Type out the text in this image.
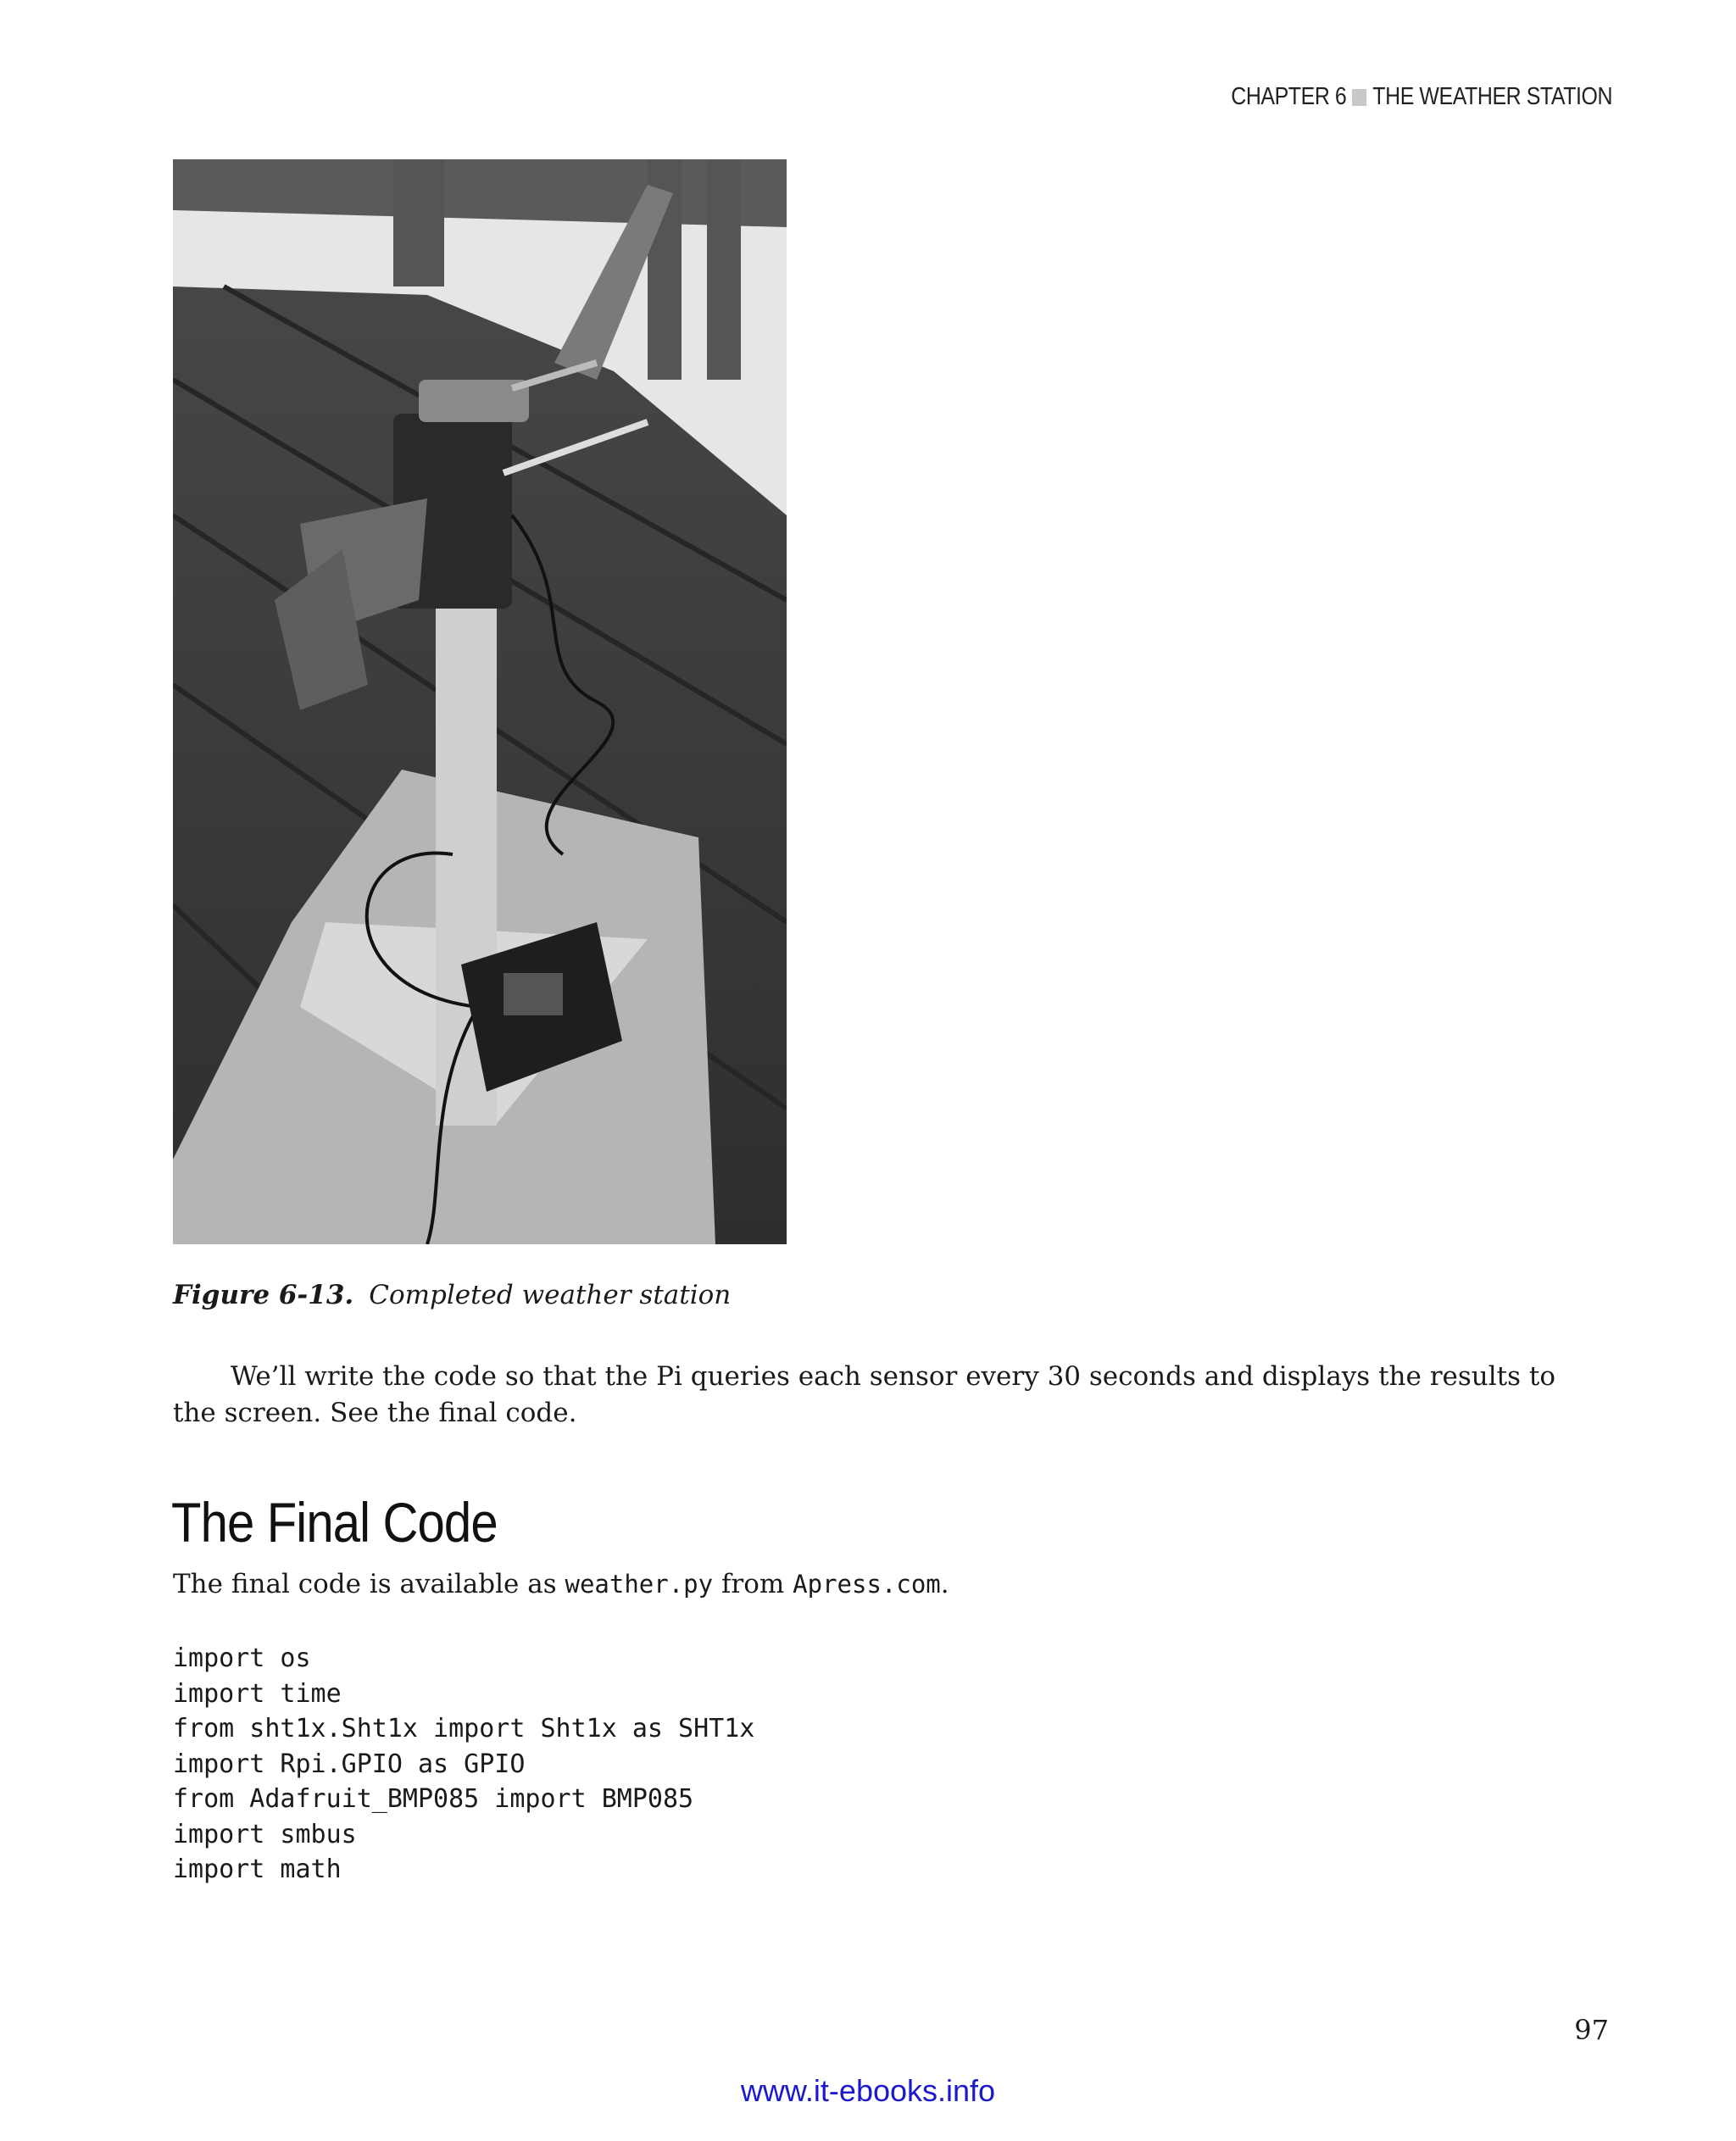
CHAPTER 6 THE WEATHER STATION
Figure 6-13. Completed weather station

We’ll write the code so that the Pi queries each sensor every 30 seconds and displays the results to the screen. See the final code.

The Final Code
The final code is available as weather.py from Apress.com.
import os
import time
from sht1x.Sht1x import Sht1x as SHT1x
import Rpi.GPIO as GPIO
from Adafruit_BMP085 import BMP085
import smbus
import math
97
www.it-ebooks.info
